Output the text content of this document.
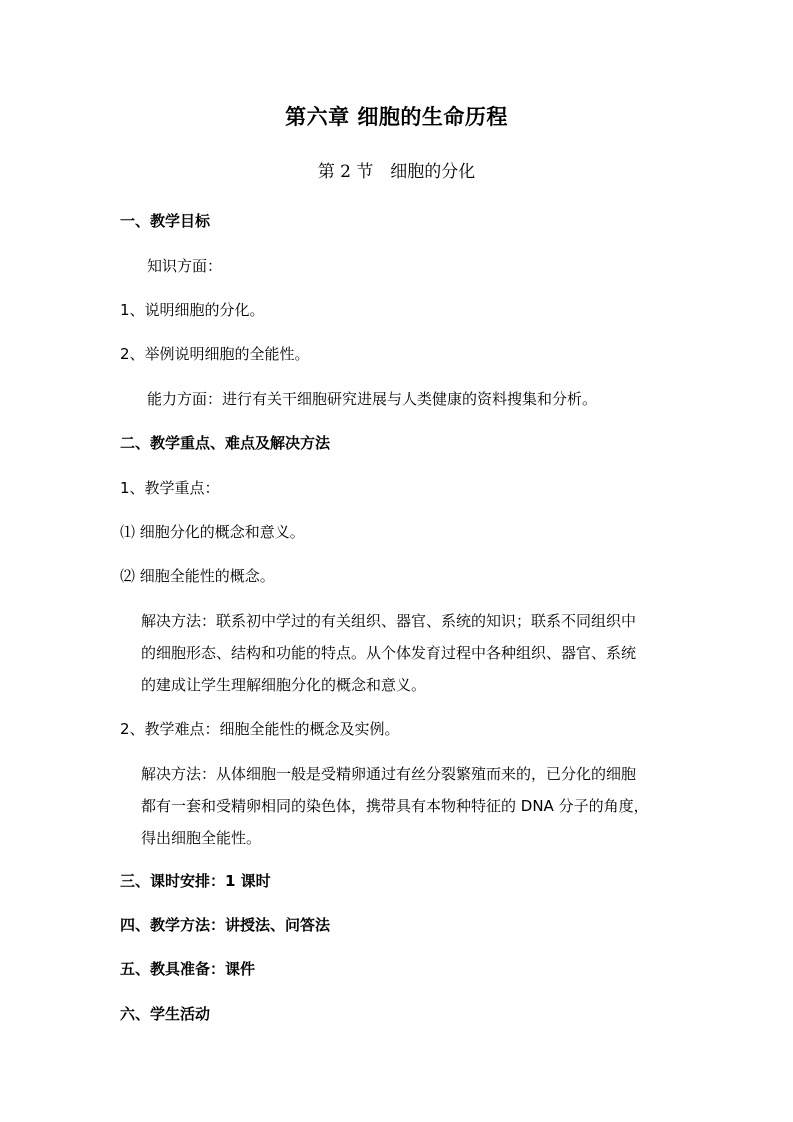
第六章 细胞的生命历程
第 2 节　细胞的分化
一、教学目标
知识方面：
1、说明细胞的分化。
2、举例说明细胞的全能性。
能力方面：进行有关干细胞研究进展与人类健康的资料搜集和分析。
二、教学重点、难点及解决方法
1、教学重点：
⑴ 细胞分化的概念和意义。
⑵ 细胞全能性的概念。
解决方法：联系初中学过的有关组织、器官、系统的知识；联系不同组织中
的细胞形态、结构和功能的特点。从个体发育过程中各种组织、器官、系统
的建成让学生理解细胞分化的概念和意义。
2、教学难点：细胞全能性的概念及实例。
解决方法：从体细胞一般是受精卵通过有丝分裂繁殖而来的，已分化的细胞
都有一套和受精卵相同的染色体，携带具有本物种特征的 DNA 分子的角度，
得出细胞全能性。
三、课时安排：1 课时
四、教学方法：讲授法、问答法
五、教具准备：课件
六、学生活动
